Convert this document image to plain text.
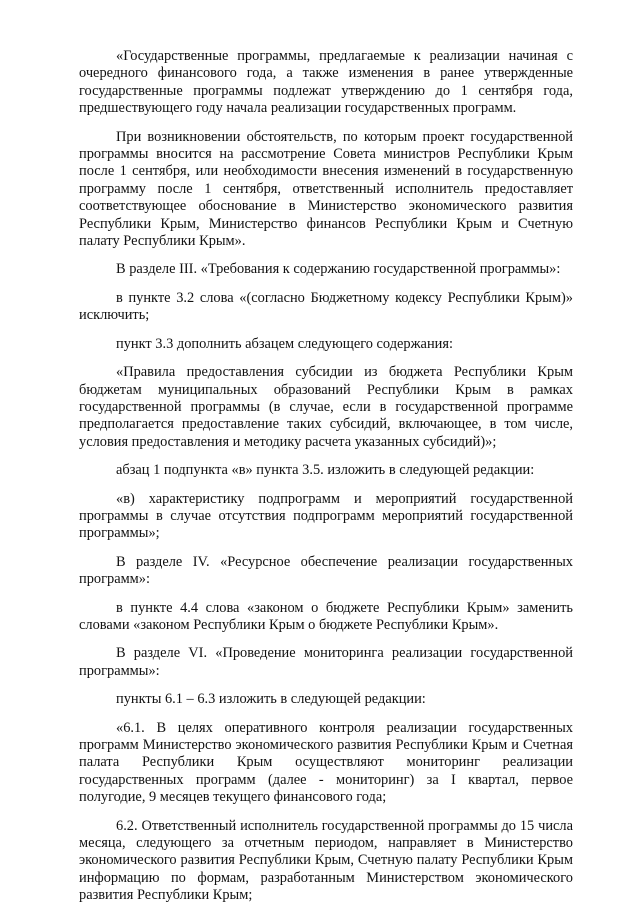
«Государственные программы, предлагаемые к реализации начиная с очередного финансового года, а также изменения в ранее утвержденные государственные программы подлежат утверждению до 1 сентября года, предшествующего году начала реализации государственных программ.

При возникновении обстоятельств, по которым проект государственной программы вносится на рассмотрение Совета министров Республики Крым после 1 сентября, или необходимости внесения изменений в государственную программу после 1 сентября, ответственный исполнитель предоставляет соответствующее обоснование в Министерство экономического развития Республики Крым, Министерство финансов Республики Крым и Счетную палату Республики Крым».

В разделе III. «Требования к содержанию государственной программы»:

в пункте 3.2 слова «(согласно Бюджетному кодексу Республики Крым)» исключить;

пункт 3.3 дополнить абзацем следующего содержания:

«Правила предоставления субсидии из бюджета Республики Крым бюджетам муниципальных образований Республики Крым в рамках государственной программы (в случае, если в государственной программе предполагается предоставление таких субсидий, включающее, в том числе, условия предоставления и методику расчета указанных субсидий)»;

абзац 1 подпункта «в» пункта 3.5. изложить в следующей редакции:

«в) характеристику подпрограмм и мероприятий государственной программы в случае отсутствия подпрограмм мероприятий государственной программы»;

В разделе IV. «Ресурсное обеспечение реализации государственных программ»:

в пункте 4.4 слова «законом о бюджете Республики Крым» заменить словами «законом Республики Крым о бюджете Республики Крым».

В разделе VI. «Проведение мониторинга реализации государственной программы»:

пункты 6.1 – 6.3 изложить в следующей редакции:

«6.1. В целях оперативного контроля реализации государственных программ Министерство экономического развития Республики Крым и Счетная палата Республики Крым осуществляют мониторинг реализации государственных программ (далее - мониторинг) за I квартал, первое полугодие, 9 месяцев текущего финансового года;

6.2. Ответственный исполнитель государственной программы до 15 числа месяца, следующего за отчетным периодом, направляет в Министерство экономического развития Республики Крым, Счетную палату Республики Крым информацию по формам, разработанным Министерством экономического развития Республики Крым;
